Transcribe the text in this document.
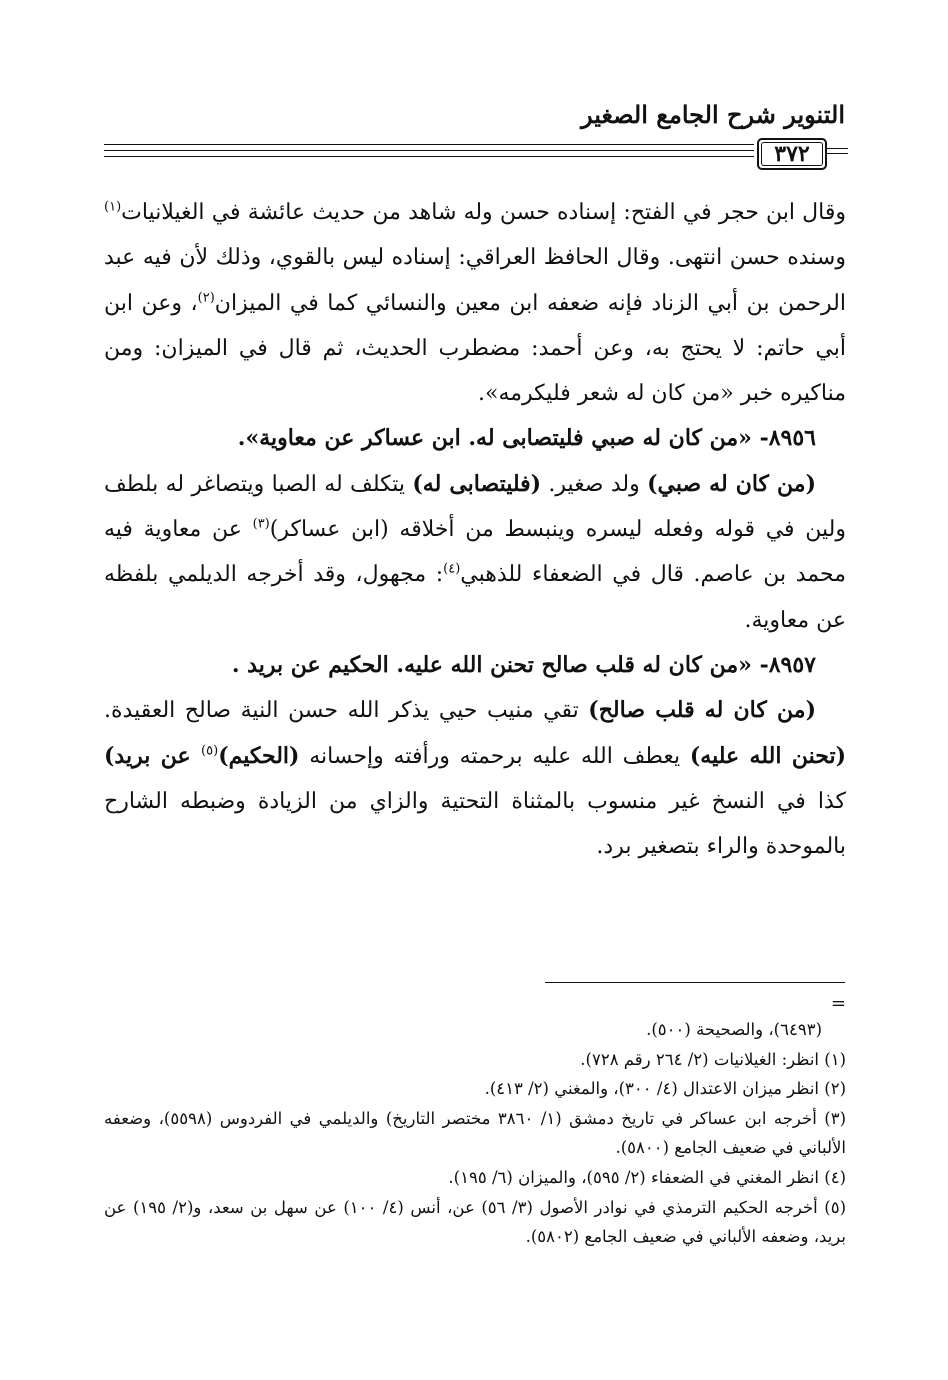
التنوير شرح الجامع الصغير
٣٧٢

وقال ابن حجر في الفتح: إسناده حسن وله شاهد من حديث عائشة في الغيلانيات$^{(١)}$ وسنده حسن انتهى. وقال الحافظ العراقي: إسناده ليس بالقوي، وذلك لأن فيه عبد الرحمن بن أبي الزناد فإنه ضعفه ابن معين والنسائي كما في الميزان$^{(٢)}$، وعن ابن أبي حاتم: لا يحتج به، وعن أحمد: مضطرب الحديث، ثم قال في الميزان: ومن مناكيره خبر «من كان له شعر فليكرمه».

٨٩٥٦- «من كان له صبي فليتصابى له. ابن عساكر عن معاوية».

(من كان له صبي) ولد صغير. (فليتصابى له) يتكلف له الصبا ويتصاغر له بلطف ولين في قوله وفعله ليسره وينبسط من أخلاقه (ابن عساكر)$^{(٣)}$ عن معاوية فيه محمد بن عاصم. قال في الضعفاء للذهبي$^{(٤)}$: مجهول، وقد أخرجه الديلمي بلفظه عن معاوية.

٨٩٥٧- «من كان له قلب صالح تحنن الله عليه. الحكيم عن بريد .

(من كان له قلب صالح) تقي منيب حيي يذكر الله حسن النية صالح العقيدة. (تحنن الله عليه) يعطف الله عليه برحمته ورأفته وإحسانه (الحكيم)$^{(٥)}$ عن بريد) كذا في النسخ غير منسوب بالمثناة التحتية والزاي من الزيادة وضبطه الشارح بالموحدة والراء بتصغير برد.

=

(٦٤٩٣)، والصحيحة (٥٠٠).

(١) انظر: الغيلانيات (٢/ ٢٦٤ رقم ٧٢٨).

(٢) انظر ميزان الاعتدال (٤/ ٣٠٠)، والمغني (٢/ ٤١٣).

(٣) أخرجه ابن عساكر في تاريخ دمشق (١/ ٣٨٦٠ مختصر التاريخ) والديلمي في الفردوس (٥٥٩٨)، وضعفه الألباني في ضعيف الجامع (٥٨٠٠).

(٤) انظر المغني في الضعفاء (٢/ ٥٩٥)، والميزان (٦/ ١٩٥).

(٥) أخرجه الحكيم الترمذي في نوادر الأصول (٣/ ٥٦) عن، أنس (٤/ ١٠٠) عن سهل بن سعد، و(٢/ ١٩٥) عن بريد، وضعفه الألباني في ضعيف الجامع (٥٨٠٢).
